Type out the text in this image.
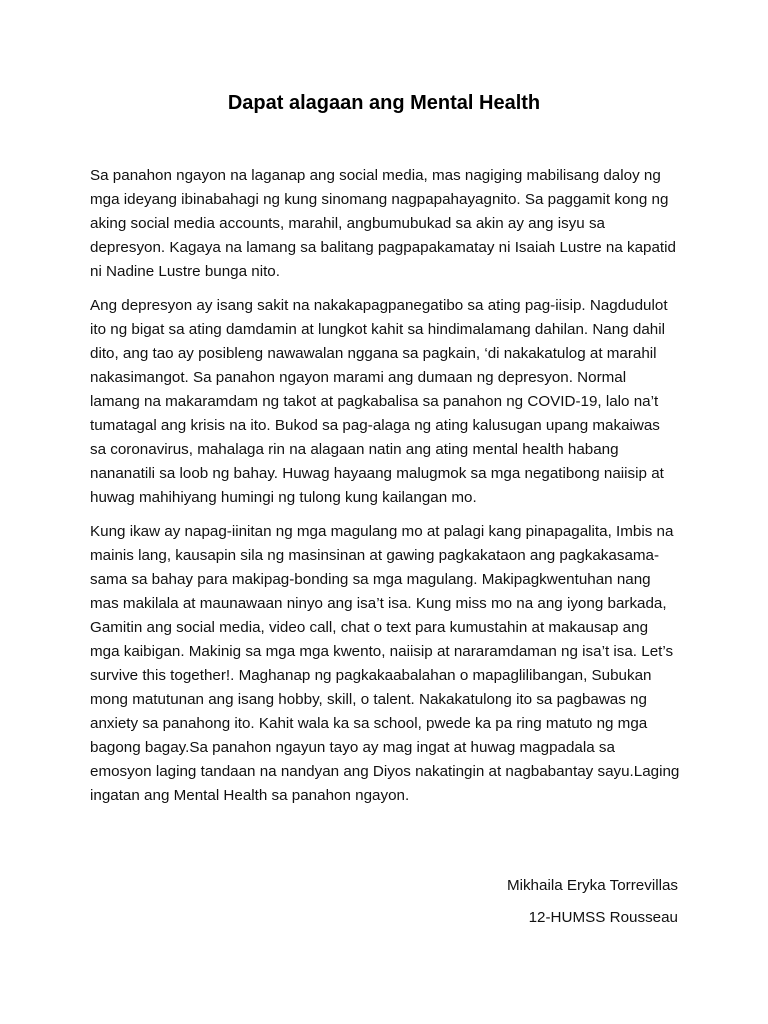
Dapat alagaan ang Mental Health

Sa panahon ngayon na laganap ang social media, mas nagiging mabilisang daloy ng mga ideyang ibinabahagi ng kung sinomang nagpapahayagnito. Sa paggamit kong ng aking social media accounts, marahil, angbumubukad sa akin ay ang isyu sa depresyon. Kagaya na lamang sa balitang pagpapakamatay ni Isaiah Lustre na kapatid ni Nadine Lustre bunga nito.

Ang depresyon ay isang sakit na nakakapagpanegatibo sa ating pag-iisip. Nagdudulot ito ng bigat sa ating damdamin at lungkot kahit sa hindimalamang dahilan. Nang dahil dito, ang tao ay posibleng nawawalan nggana sa pagkain, ‘di nakakatulog at marahil nakasimangot. Sa panahon ngayon marami ang dumaan ng depresyon. Normal lamang na makaramdam ng takot at pagkabalisa sa panahon ng COVID-19, lalo na’t tumatagal ang krisis na ito. Bukod sa pag-alaga ng ating kalusugan upang makaiwas sa coronavirus, mahalaga rin na alagaan natin ang ating mental health habang nananatili sa loob ng bahay. Huwag hayaang malugmok sa mga negatibong naiisip at huwag mahihiyang humingi ng tulong kung kailangan mo.

Kung ikaw ay napag-iinitan ng mga magulang mo at palagi kang pinapagalita, Imbis na mainis lang, kausapin sila ng masinsinan at gawing pagkakataon ang pagkakasama-sama sa bahay para makipag-bonding sa mga magulang. Makipagkwentuhan nang mas makilala at maunawaan ninyo ang isa’t isa. Kung miss mo na ang iyong barkada, Gamitin ang social media, video call, chat o text para kumustahin at makausap ang mga kaibigan. Makinig sa mga mga kwento, naiisip at nararamdaman ng isa’t isa. Let’s survive this together!. Maghanap ng pagkakaabalahan o mapaglilibangan, Subukan mong matutunan ang isang hobby, skill, o talent. Nakakatulong ito sa pagbawas ng anxiety sa panahong ito. Kahit wala ka sa school, pwede ka pa ring matuto ng mga bagong bagay.Sa panahon ngayun tayo ay mag ingat at huwag magpadala sa emosyon laging tandaan na nandyan ang Diyos nakatingin at nagbabantay sayu.Laging ingatan ang Mental Health sa panahon ngayon.

Mikhaila Eryka Torrevillas
12-HUMSS Rousseau
